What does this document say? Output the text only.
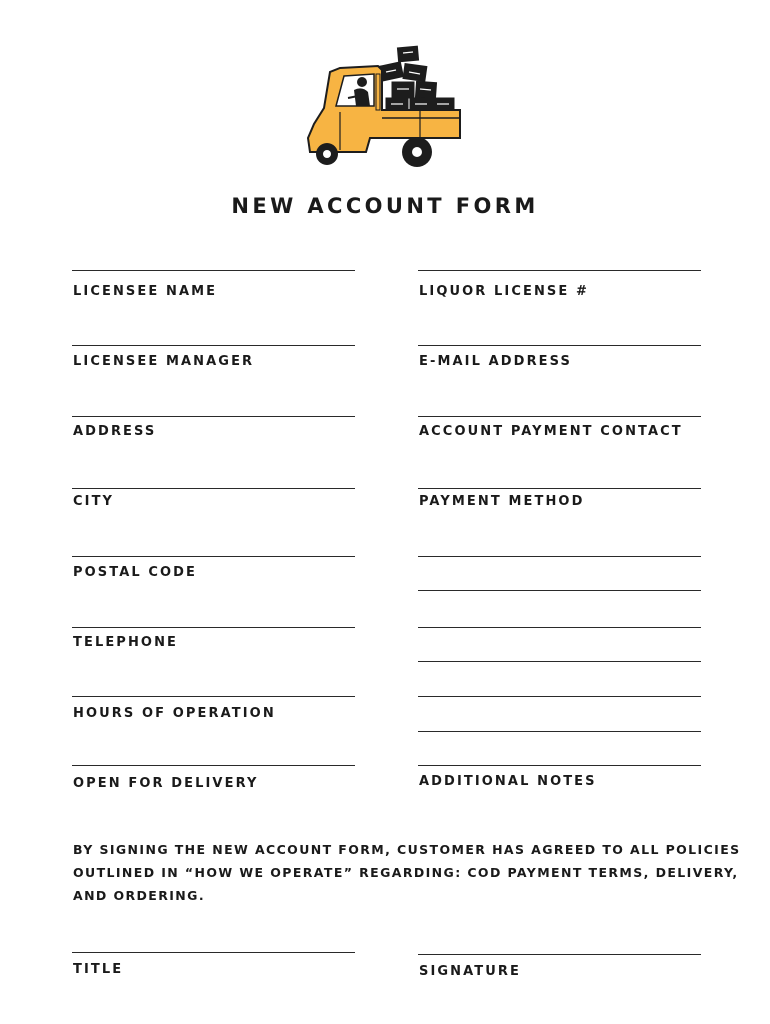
NEW ACCOUNT FORM
LICENSEE NAME
LICENSEE MANAGER
ADDRESS
CITY
POSTAL CODE
TELEPHONE
HOURS OF OPERATION
OPEN FOR DELIVERY
LIQUOR LICENSE #
E-MAIL ADDRESS
ACCOUNT PAYMENT CONTACT
PAYMENT METHOD
ADDITIONAL NOTES
BY SIGNING THE NEW ACCOUNT FORM, CUSTOMER HAS AGREED TO ALL POLICIES
OUTLINED IN “HOW WE OPERATE” REGARDING: COD PAYMENT TERMS, DELIVERY,
AND ORDERING.
TITLE	SIGNATURE
